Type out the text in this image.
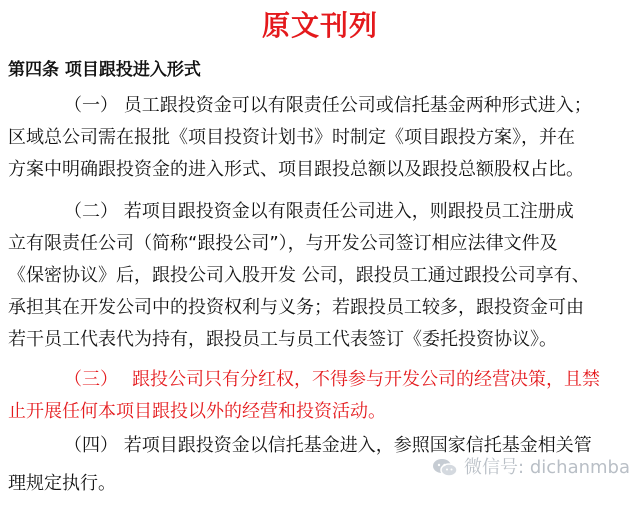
原文刊列
第四条 项目跟投进入形式
（一） 员工跟投资金可以有限责任公司或信托基金两种形式进入；
区域总公司需在报批《项目投资计划书》时制定《项目跟投方案》，并在
方案中明确跟投资金的进入形式、项目跟投总额以及跟投总额股权占比。
（二） 若项目跟投资金以有限责任公司进入，则跟投员工注册成
立有限责任公司（简称“跟投公司”），与开发公司签订相应法律文件及
《保密协议》后，跟投公司入股开发 公司，跟投员工通过跟投公司享有、
承担其在开发公司中的投资权利与义务；若跟投员工较多，跟投资金可由
若干员工代表代为持有，跟投员工与员工代表签订《委托投资协议》。
（三） 跟投公司只有分红权，不得参与开发公司的经营决策，且禁
止开展任何本项目跟投以外的经营和投资活动。
（四） 若项目跟投资金以信托基金进入，参照国家信托基金相关管
理规定执行。
微信号: dichanmba
